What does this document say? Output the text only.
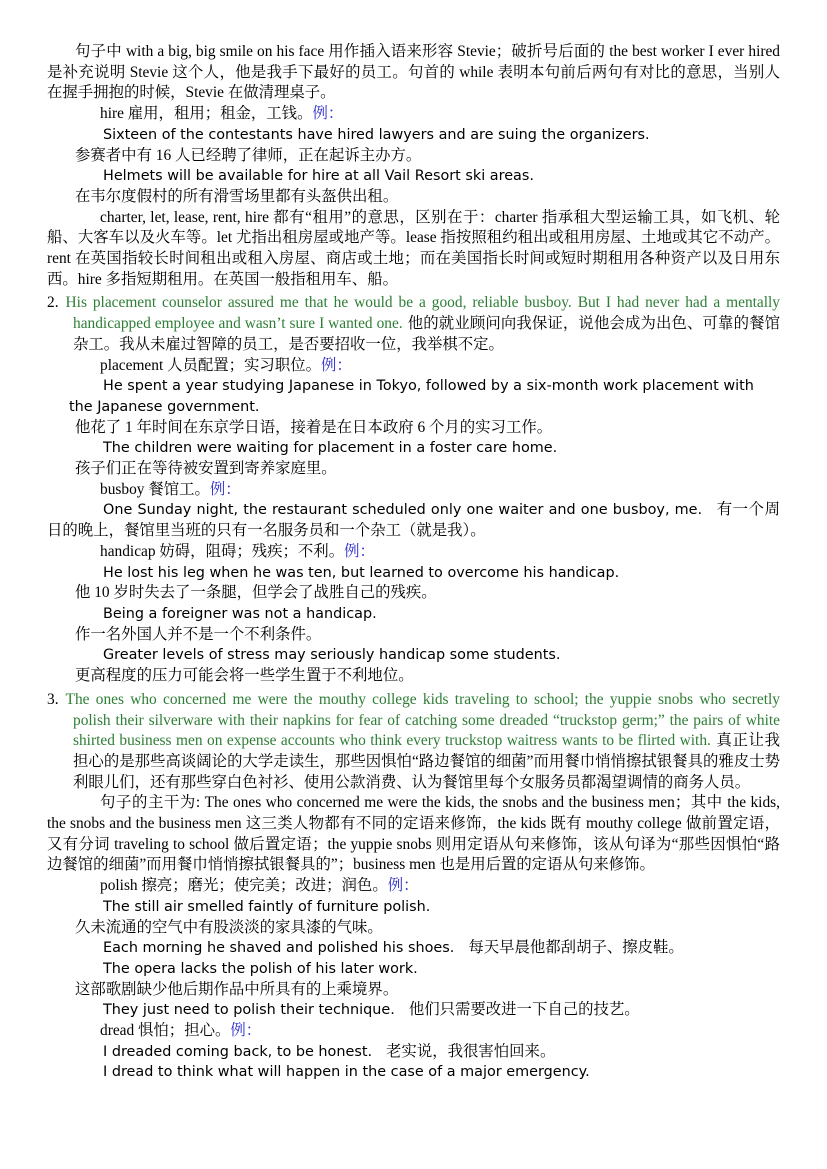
句子中 with a big, big smile on his face 用作插入语来形容 Stevie；破折号后面的 the best worker I ever hired 是补充说明 Stevie 这个人，他是我手下最好的员工。句首的 while 表明本句前后两句有对比的意思，当别人在握手拥抱的时候，Stevie 在做清理桌子。

hire 雇用，租用；租金，工钱。例：

Sixteen of the contestants have hired lawyers and are suing the organizers.

参赛者中有 16 人已经聘了律师，正在起诉主办方。

Helmets will be available for hire at all Vail Resort ski areas.

在韦尔度假村的所有滑雪场里都有头盔供出租。

charter, let, lease, rent, hire 都有“租用”的意思，区别在于：charter 指承租大型运输工具，如飞机、轮船、大客车以及火车等。let 尤指出租房屋或地产等。lease 指按照租约租出或租用房屋、土地或其它不动产。rent 在英国指较长时间租出或租入房屋、商店或土地；而在美国指长时间或短时期租用各种资产以及日用东西。hire 多指短期租用。在英国一般指租用车、船。

2. His placement counselor assured me that he would be a good, reliable busboy. But I had never had a mentally handicapped employee and wasn’t sure I wanted one. 他的就业顾问向我保证，说他会成为出色、可靠的餐馆杂工。我从未雇过智障的员工，是否要招收一位，我举棋不定。

placement 人员配置；实习职位。例：

He spent a year studying Japanese in Tokyo, followed by a six-month work placement with the Japanese government.

他花了 1 年时间在东京学日语，接着是在日本政府 6 个月的实习工作。

The children were waiting for placement in a foster care home.

孩子们正在等待被安置到寄养家庭里。

busboy 餐馆工。例：

One Sunday night, the restaurant scheduled only one waiter and one busboy, me. 有一个周日的晚上，餐馆里当班的只有一名服务员和一个杂工（就是我）。

handicap 妨碍，阻碍；残疾；不利。例：

He lost his leg when he was ten, but learned to overcome his handicap.

他 10 岁时失去了一条腿，但学会了战胜自己的残疾。

Being a foreigner was not a handicap.

作一名外国人并不是一个不利条件。

Greater levels of stress may seriously handicap some students.

更高程度的压力可能会将一些学生置于不利地位。

3. The ones who concerned me were the mouthy college kids traveling to school; the yuppie snobs who secretly polish their silverware with their napkins for fear of catching some dreaded “truckstop germ;” the pairs of white shirted business men on expense accounts who think every truckstop waitress wants to be flirted with. 真正让我担心的是那些高谈阔论的大学走读生，那些因惧怕“路边餐馆的细菌”而用餐巾悄悄擦拭银餐具的雅皮士势利眼儿们，还有那些穿白色衬衫、使用公款消费、认为餐馆里每个女服务员都渴望调情的商务人员。

句子的主干为: The ones who concerned me were the kids, the snobs and the business men；其中 the kids, the snobs and the business men 这三类人物都有不同的定语来修饰，the kids 既有 mouthy college 做前置定语，又有分词 traveling to school 做后置定语；the yuppie snobs 则用定语从句来修饰，该从句译为“那些因惧怕“路边餐馆的细菌”而用餐巾悄悄擦拭银餐具的”；business men 也是用后置的定语从句来修饰。

polish 擦亮；磨光；使完美；改进；润色。例：

The still air smelled faintly of furniture polish.

久未流通的空气中有股淡淡的家具漆的气味。

Each morning he shaved and polished his shoes. 每天早晨他都刮胡子、擦皮鞋。

The opera lacks the polish of his later work.

这部歌剧缺少他后期作品中所具有的上乘境界。

They just need to polish their technique. 他们只需要改进一下自己的技艺。

dread 惧怕；担心。例：

I dreaded coming back, to be honest. 老实说，我很害怕回来。

I dread to think what will happen in the case of a major emergency.
